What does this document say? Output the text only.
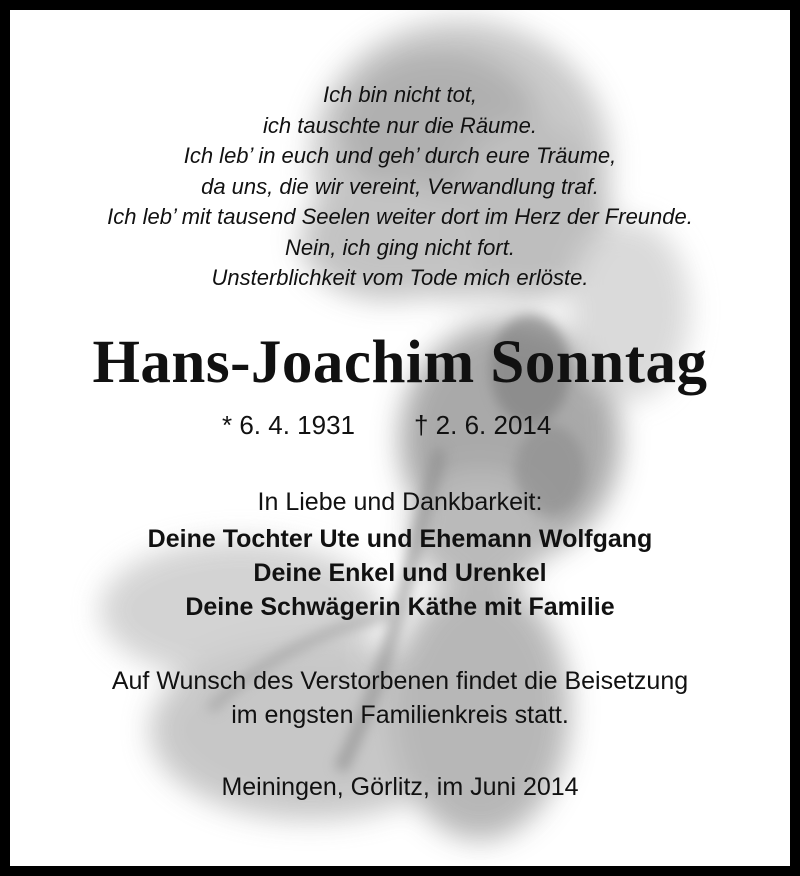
Ich bin nicht tot,
ich tauschte nur die Räume.
Ich leb’ in euch und geh’ durch eure Träume,
da uns, die wir vereint, Verwandlung traf.
Ich leb’ mit tausend Seelen weiter dort im Herz der Freunde.
Nein, ich ging nicht fort.
Unsterblichkeit vom Tode mich erlöste.
Hans-Joachim Sonntag
* 6. 4. 1931 † 2. 6. 2014
In Liebe und Dankbarkeit:
Deine Tochter Ute und Ehemann Wolfgang
Deine Enkel und Urenkel
Deine Schwägerin Käthe mit Familie
Auf Wunsch des Verstorbenen findet die Beisetzung
im engsten Familienkreis statt.
Meiningen, Görlitz, im Juni 2014
